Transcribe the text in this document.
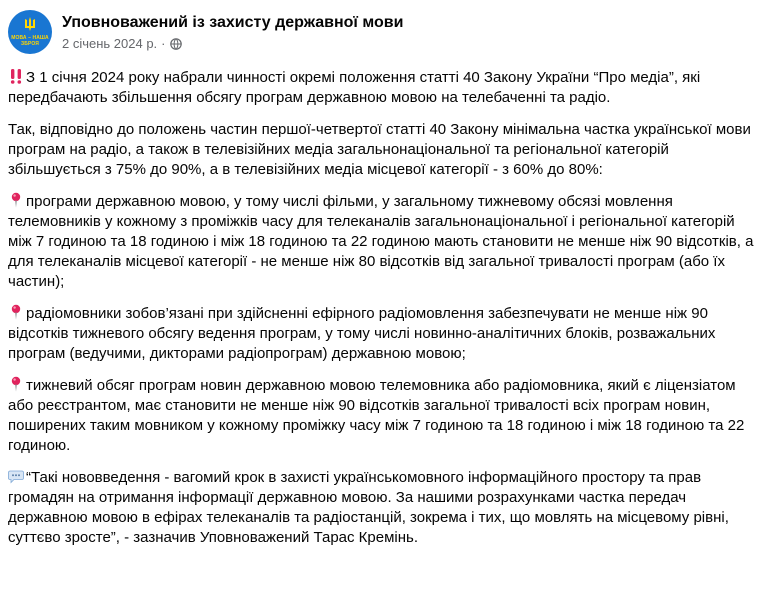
МОВА – НАША ЗБРОЯ
Уповноважений із захисту державної мови
2 січень 2024 р. ·

З 1 січня 2024 року набрали чинності окремі положення статті 40 Закону України “Про медіа”, які передбачають збільшення обсягу програм державною мовою на телебаченні та радіо.

Так, відповідно до положень частин першої-четвертої статті 40 Закону мінімальна частка української мови програм на радіо, а також в телевізійних медіа загальнонаціональної та регіональної категорій збільшується з 75% до 90%, а в телевізійних медіа місцевої категорії - з 60% до 80%:

програми державною мовою, у тому числі фільми, у загальному тижневому обсязі мовлення телемовників у кожному з проміжків часу для телеканалів загальнонаціональної і регіональної категорій між 7 годиною та 18 годиною і між 18 годиною та 22 годиною мають становити не менше ніж 90 відсотків, а для телеканалів місцевої категорії - не менше ніж 80 відсотків від загальної тривалості програм (або їх частин);

радіомовники зобов’язані при здійсненні ефірного радіомовлення забезпечувати не менше ніж 90 відсотків тижневого обсягу ведення програм, у тому числі новинно-аналітичних блоків, розважальних програм (ведучими, дикторами радіопрограм) державною мовою;

тижневий обсяг програм новин державною мовою телемовника або радіомовника, який є ліцензіатом або реєстрантом, має становити не менше ніж 90 відсотків загальної тривалості всіх програм новин, поширених таким мовником у кожному проміжку часу між 7 годиною та 18 годиною і між 18 годиною та 22 годиною.

“Такі нововведення - вагомий крок в захисті українськомовного інформаційного простору та прав громадян на отримання інформації державною мовою. За нашими розрахунками частка передач державною мовою в ефірах телеканалів та радіостанцій, зокрема і тих, що мовлять на місцевому рівні, суттєво зросте”, - зазначив Уповноважений Тарас Кремінь.
